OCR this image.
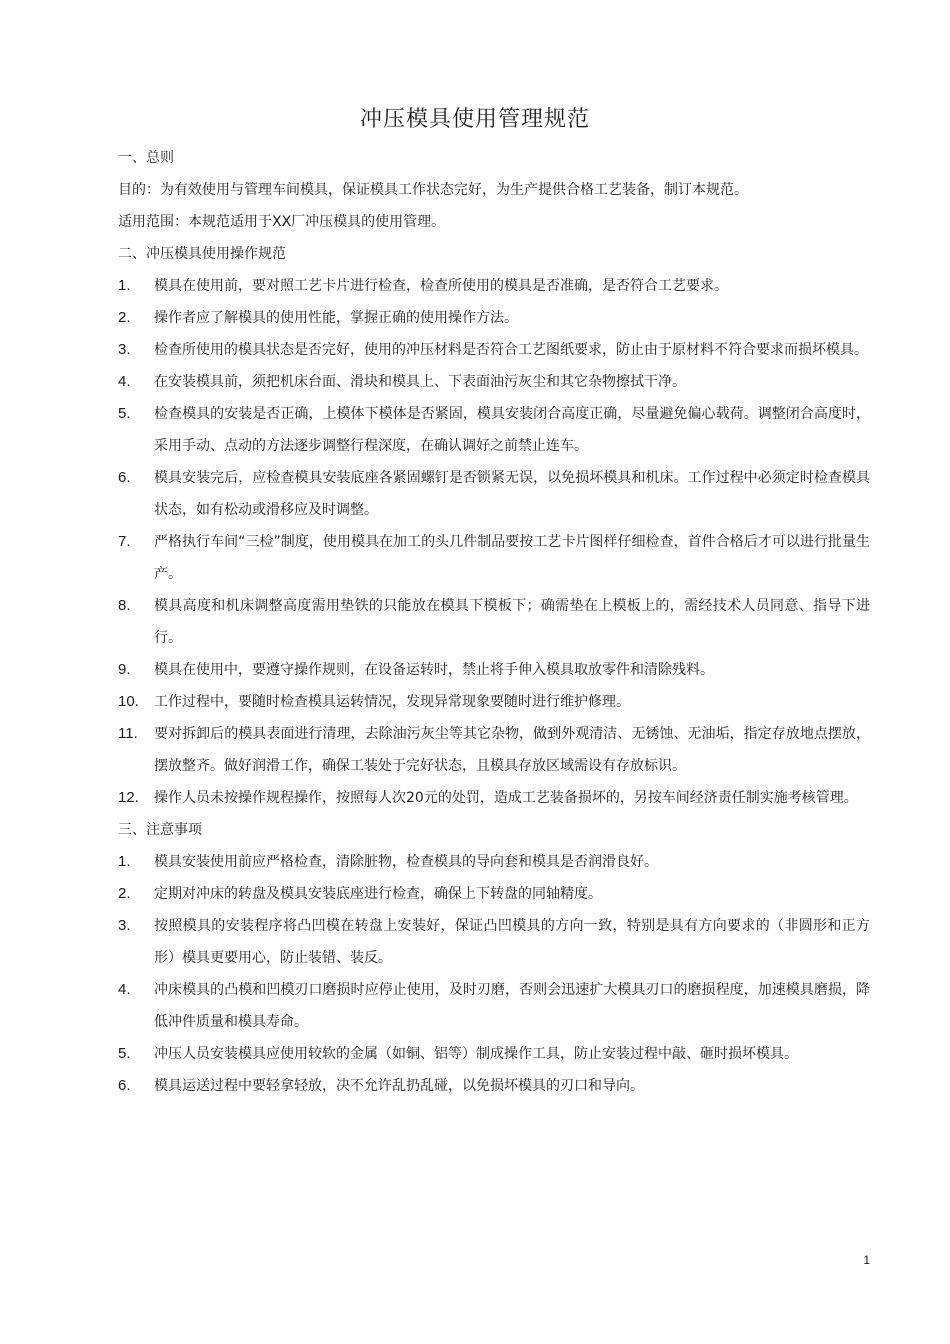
冲压模具使用管理规范

一、总则

目的：为有效使用与管理车间模具，保证模具工作状态完好，为生产提供合格工艺装备，制订本规范。

适用范围：本规范适用于XX厂冲压模具的使用管理。

二、冲压模具使用操作规范

1.	模具在使用前，要对照工艺卡片进行检查，检查所使用的模具是否准确，是否符合工艺要求。
2.	操作者应了解模具的使用性能，掌握正确的使用操作方法。
3.	检查所使用的模具状态是否完好，使用的冲压材料是否符合工艺图纸要求，防止由于原材料不符合要求而损坏模具。
4.	在安装模具前，须把机床台面、滑块和模具上、下表面油污灰尘和其它杂物擦拭干净。
5.	检查模具的安装是否正确，上模体下模体是否紧固，模具安装闭合高度正确，尽量避免偏心载荷。调整闭合高度时，采用手动、点动的方法逐步调整行程深度，在确认调好之前禁止连车。
6.	模具安装完后，应检查模具安装底座各紧固螺钉是否锁紧无误，以免损坏模具和机床。工作过程中必须定时检查模具状态，如有松动或滑移应及时调整。
7.	严格执行车间“三检”制度，使用模具在加工的头几件制品要按工艺卡片图样仔细检查，首件合格后才可以进行批量生产。
8.	模具高度和机床调整高度需用垫铁的只能放在模具下模板下；确需垫在上模板上的，需经技术人员同意、指导下进行。
9.	模具在使用中，要遵守操作规则，在设备运转时，禁止将手伸入模具取放零件和清除残料。
10.	工作过程中，要随时检查模具运转情况，发现异常现象要随时进行维护修理。
11.	要对拆卸后的模具表面进行清理，去除油污灰尘等其它杂物，做到外观清洁、无锈蚀、无油垢，指定存放地点摆放，摆放整齐。做好润滑工作，确保工装处于完好状态，且模具存放区域需设有存放标识。
12.	操作人员未按操作规程操作，按照每人次20元的处罚，造成工艺装备损坏的，另按车间经济责任制实施考核管理。

三、注意事项

1.	模具安装使用前应严格检查，清除脏物，检查模具的导向套和模具是否润滑良好。
2.	定期对冲床的转盘及模具安装底座进行检查，确保上下转盘的同轴精度。
3.	按照模具的安装程序将凸凹模在转盘上安装好，保证凸凹模具的方向一致，特别是具有方向要求的（非圆形和正方形）模具更要用心，防止装错、装反。
4.	冲床模具的凸模和凹模刃口磨损时应停止使用，及时刃磨，否则会迅速扩大模具刃口的磨损程度，加速模具磨损，降低冲件质量和模具寿命。
5.	冲压人员安装模具应使用较软的金属（如铜、铝等）制成操作工具，防止安装过程中敲、砸时损坏模具。
6.	模具运送过程中要轻拿轻放，决不允许乱扔乱碰，以免损坏模具的刃口和导向。
1
